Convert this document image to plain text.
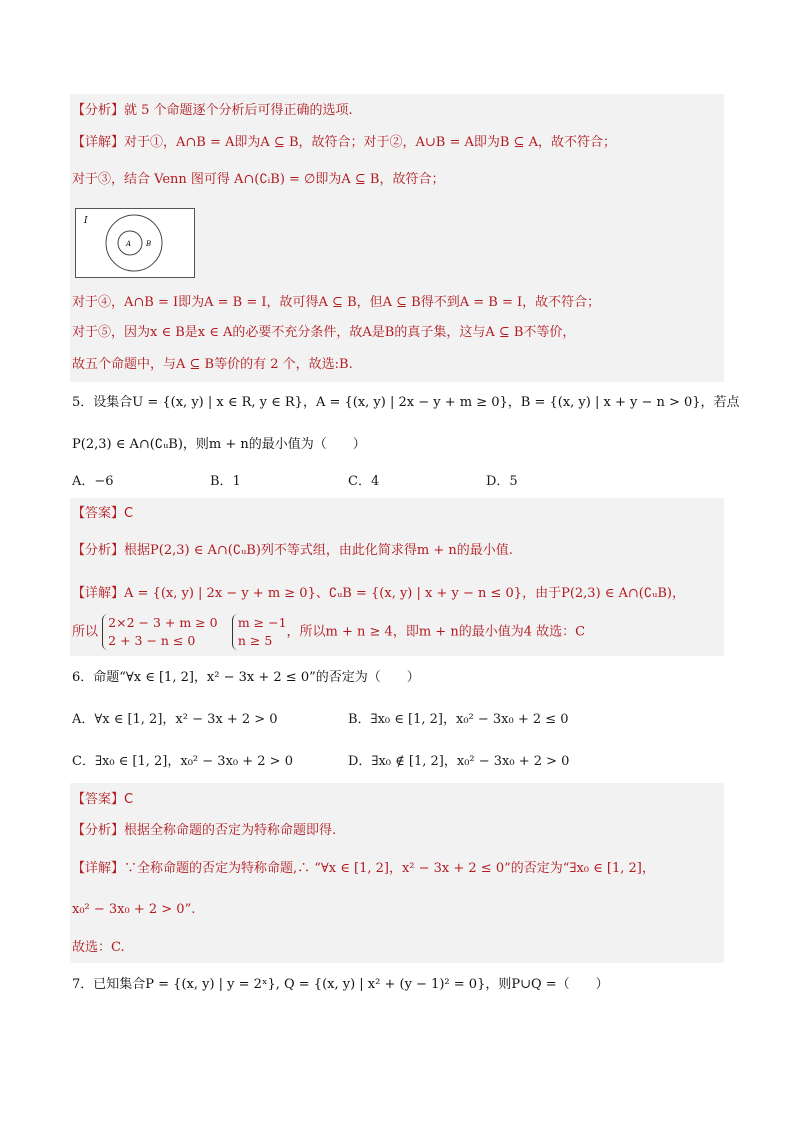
【分析】就 5 个命题逐个分析后可得正确的选项.
【详解】对于①，A∩B = A即为A ⊆ B，故符合；对于②，A∪B = A即为B ⊆ A，故不符合；
对于③，结合 Venn 图可得 A∩(∁ᵢB) = ∅即为A ⊆ B，故符合；
I
A B
对于④，A∩B = I即为A = B = I，故可得A ⊆ B，但A ⊆ B得不到A = B = I，故不符合；
对于⑤，因为x ∈ B是x ∈ A的必要不充分条件，故A是B的真子集，这与A ⊆ B不等价，
故五个命题中，与A ⊆ B等价的有 2 个，故选:B.
5．设集合U = {(x, y) | x ∈ R, y ∈ R}，A = {(x, y) | 2x − y + m ≥ 0}，B = {(x, y) | x + y − n > 0}，若点
P(2,3) ∈ A∩(∁ᵤB)，则m + n的最小值为（　　）
A．−6	B．1	C．4	D．5
【答案】C
【分析】根据P(2,3) ∈ A∩(∁ᵤB)列不等式组，由此化简求得m + n的最小值.
【详解】A = {(x, y) | 2x − y + m ≥ 0}、∁ᵤB = {(x, y) | x + y − n ≤ 0}，由于P(2,3) ∈ A∩(∁ᵤB)，
所以 2×2 − 3 + m ≥ 0
2 + 3 − n ≤ 0  m ≥ −1
n ≥ 5，所以m + n ≥ 4，即m + n的最小值为4 故选：C
6．命题“∀x ∈ [1, 2]，x² − 3x + 2 ≤ 0”的否定为（　　）
A．∀x ∈ [1, 2]，x² − 3x + 2 > 0	B．∃x₀ ∈ [1, 2]，x₀² − 3x₀ + 2 ≤ 0
C．∃x₀ ∈ [1, 2]，x₀² − 3x₀ + 2 > 0	D．∃x₀ ∉ [1, 2]，x₀² − 3x₀ + 2 > 0
【答案】C
【分析】根据全称命题的否定为特称命题即得.
【详解】∵全称命题的否定为特称命题,∴ “∀x ∈ [1, 2]，x² − 3x + 2 ≤ 0”的否定为“∃x₀ ∈ [1, 2]，
x₀² − 3x₀ + 2 > 0”.
故选：C.
7．已知集合P = {(x, y) | y = 2ˣ}, Q = {(x, y) | x² + (y − 1)² = 0}，则P∪Q =（　　）
